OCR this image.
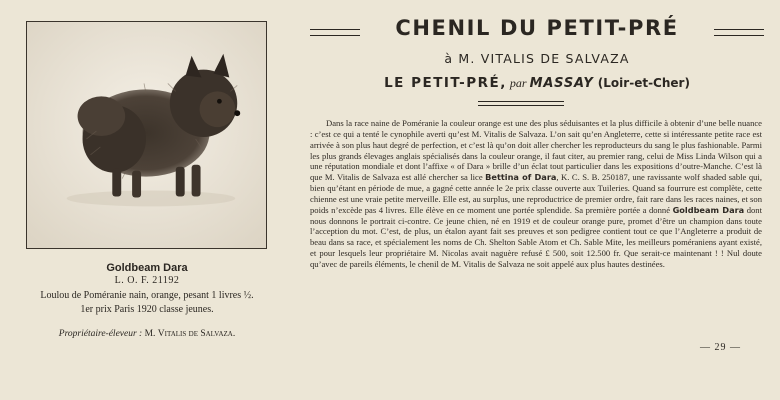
Goldbeam Dara
L. O. F. 21192
Loulou de Poméranie nain, orange, pesant 1 livres ½.
1er prix Paris 1920 classe jeunes.
Propriétaire-éleveur : M. Vitalis de Salvaza.
CHENIL DU PETIT-PRÉ
à M. VITALIS DE SALVAZA
LE PETIT-PRÉ, par MASSAY (Loir-et-Cher)
Dans la race naine de Poméranie la couleur orange est une des plus séduisantes et la plus difficile à obtenir d’une belle nuance : c’est ce qui a tenté le cynophile averti qu’est M. Vitalis de Salvaza. L’on sait qu’en Angleterre, cette si intéressante petite race est arrivée à son plus haut degré de perfection, et c’est là qu’on doit aller chercher les reproducteurs du sang le plus fashionable. Parmi les plus grands élevages anglais spécialisés dans la couleur orange, il faut citer, au premier rang, celui de Miss Linda Wilson qui a une réputation mondiale et dont l’affixe « of Dara » brille d’un éclat tout particulier dans les expositions d’outre-Manche. C’est là que M. Vitalis de Salvaza est allé chercher sa lice Bettina of Dara, K. C. S. B. 250187, une ravissante wolf shaded sable qui, bien qu’étant en période de mue, a gagné cette année le 2e prix classe ouverte aux Tuileries. Quand sa fourrure est complète, cette chienne est une vraie petite merveille. Elle est, au surplus, une reproductrice de premier ordre, fait rare dans les races naines, et son poids n’excède pas 4 livres. Elle élève en ce moment une portée splendide. Sa première portée a donné Goldbeam Dara dont nous donnons le portrait ci-contre. Ce jeune chien, né en 1919 et de couleur orange pure, promet d’être un champion dans toute l’acception du mot. C’est, de plus, un étalon ayant fait ses preuves et son pedigree contient tout ce que l’Angleterre a produit de beau dans sa race, et spécialement les noms de Ch. Shelton Sable Atom et Ch. Sable Mite, les meilleurs poméraniens ayant existé, et pour lesquels leur propriétaire M. Nicolas avait naguère refusé £ 500, soit 12.500 fr. Que serait-ce maintenant ! ! Nul doute qu’avec de pareils éléments, le chenil de M. Vitalis de Salvaza ne soit appelé aux plus hautes destinées.
— 29 —
